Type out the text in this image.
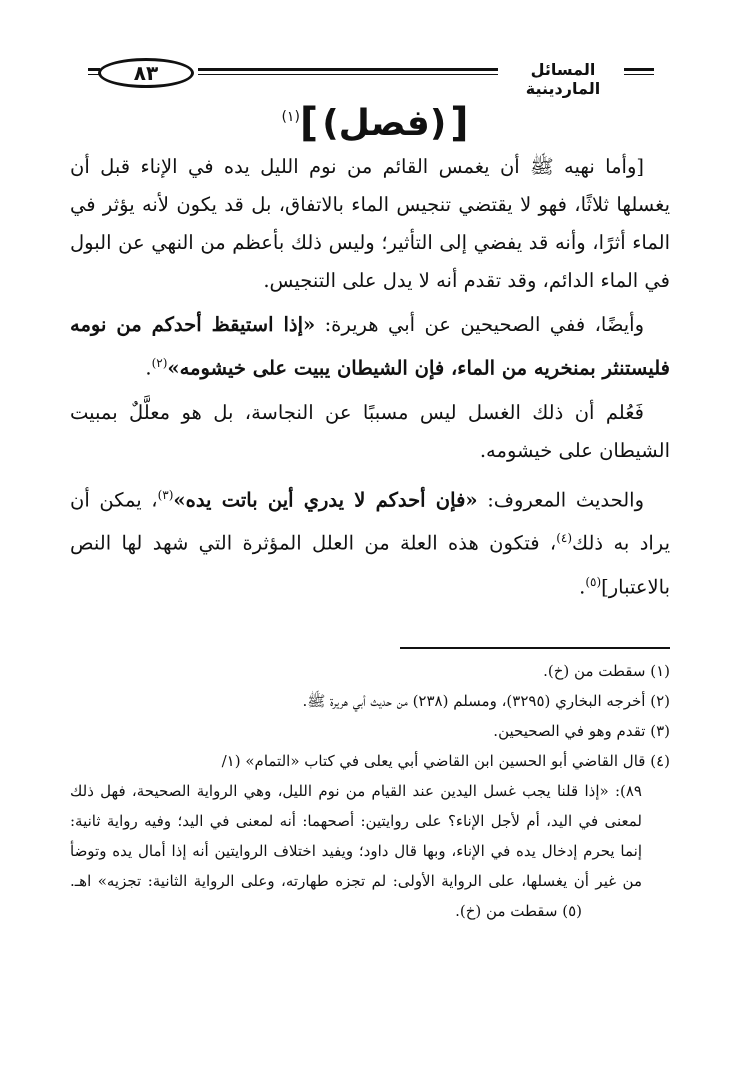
٨٣	المسائل الماردينية
[(فصل)]$^{(١)}$

[وأما نهيه ﷺ أن يغمس القائم من نوم الليل يده في الإناء قبل أن يغسلها ثلاثًا، فهو لا يقتضي تنجيس الماء بالاتفاق، بل قد يكون لأنه يؤثر في الماء أثرًا، وأنه قد يفضي إلى التأثير؛ وليس ذلك بأعظم من النهي عن البول في الماء الدائم، وقد تقدم أنه لا يدل على التنجيس.

وأيضًا، ففي الصحيحين عن أبي هريرة: «إذا استيقظ أحدكم من نومه فليستنثر بمنخريه من الماء، فإن الشيطان يبيت على خيشومه»$^{(٢)}$.

فَعُلم أن ذلك الغسل ليس مسببًا عن النجاسة، بل هو معلَّلٌ بمبيت الشيطان على خيشومه.

والحديث المعروف: «فإن أحدكم لا يدري أين باتت يده»$^{(٣)}$، يمكن أن يراد به ذلك$^{(٤)}$، فتكون هذه العلة من العلل المؤثرة التي شهد لها النص بالاعتبار]$^{(٥)}$.

(١) سقطت من (خ).

(٢) أخرجه البخاري (٣٢٩٥)، ومسلم (٢٣٨) من حديث أبي هريرة ﷺ.

(٣) تقدم وهو في الصحيحين.

(٤) قال القاضي أبو الحسين ابن القاضي أبي يعلى في كتاب «التمام» (١/

٨٩): «إذا قلنا يجب غسل اليدين عند القيام من نوم الليل، وهي الرواية الصحيحة، فهل ذلك لمعنى في اليد، أم لأجل الإناء؟ على روايتين: أصحهما: أنه لمعنى في اليد؛ وفيه رواية ثانية: إنما يحرم إدخال يده في الإناء، وبها قال داود؛ ويفيد اختلاف الروايتين أنه إذا أمال يده وتوضأ من غير أن يغسلها، على الرواية الأولى: لم تجزه طهارته، وعلى الرواية الثانية: تجزيه» اهـ.(٥) سقطت من (خ).
